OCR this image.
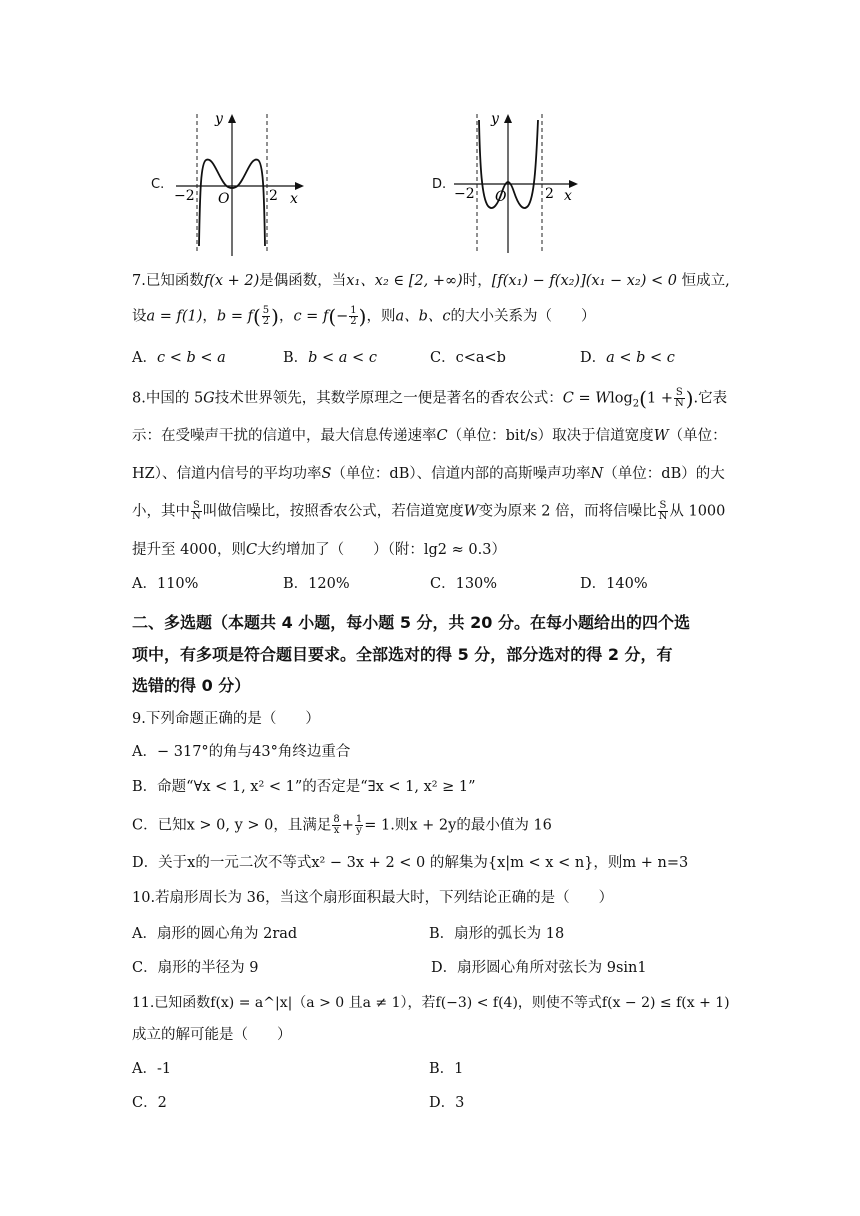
C.
y
x
O
−2	2
D.
y
x
O
−2	2
7.已知函数f(x + 2)是偶函数，当x₁、x₂ ∈ [2, +∞)时，[f(x₁) − f(x₂)](x₁ − x₂) < 0 恒成立,
设a = f(1)，$b = f( \frac{5}{2}$ )，$c = f(- \frac{1}{2}$ )，则a、b、c的大小关系为（　　）
A．c < b < a	B．b < a < c	C．c<a<b	D．a < b < c
8.中国的 5G技术世界领先，其数学原理之一便是著名的香农公式：$C = Wlog_2(1 + \frac{S}{N}$ ).它表
示：在受噪声干扰的信道中，最大信息传递速率C（单位：bit/s）取决于信道宽度W（单位：
HZ）、信道内信号的平均功率S（单位：dB）、信道内部的高斯噪声功率N（单位：dB）的大
小，其中 $\frac{S}{N}$ 叫做信噪比，按照香农公式，若信道宽度W变为原来 2 倍，而将信噪比 $\frac{S}{N}$ 从 1000
提升至 4000，则C大约增加了（　　）（附：lg2 ≈ 0.3）
A．110%	B．120%	C．130%	D．140%
二、多选题（本题共 4 小题，每小题 5 分，共 20 分。在每小题给出的四个选
项中，有多项是符合题目要求。全部选对的得 5 分，部分选对的得 2 分，有
选错的得 0 分）
9.下列命题正确的是（　　）
A．− 317°的角与43°角终边重合
B．命题“∀x < 1, x² < 1”的否定是“∃x < 1, x² ≥ 1”
C．已知x > 0, y > 0，且满足 $\frac{8}{x} + \frac{1}{y} = 1$.则x + 2y的最小值为 16
D．关于x的一元二次不等式x² − 3x + 2 < 0 的解集为{x|m < x < n}，则m + n=3
10.若扇形周长为 36，当这个扇形面积最大时，下列结论正确的是（　　）
A．扇形的圆心角为 2rad	B．扇形的弧长为 18
C．扇形的半径为 9	D．扇形圆心角所对弦长为 9sin1
11.已知函数f(x) = a^|x|（a > 0 且a ≠ 1），若f(−3) < f(4)，则使不等式f(x − 2) ≤ f(x + 1)
成立的解可能是（　　）
A．-1	B．1
C．2	D．3
